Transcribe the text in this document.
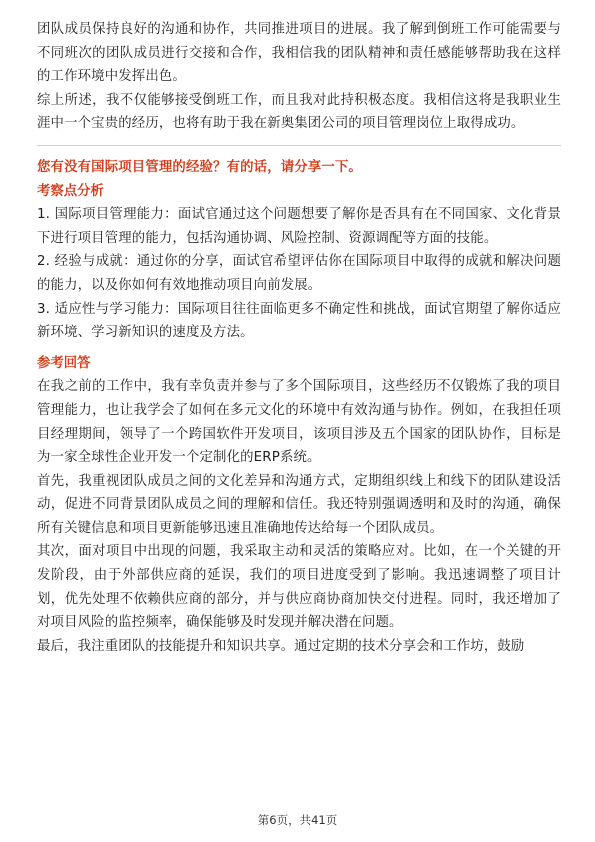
团队成员保持良好的沟通和协作，共同推进项目的进展。我了解到倒班工作可能需要与不同班次的团队成员进行交接和合作，我相信我的团队精神和责任感能够帮助我在这样的工作环境中发挥出色。

综上所述，我不仅能够接受倒班工作，而且我对此持积极态度。我相信这将是我职业生涯中一个宝贵的经历，也将有助于我在新奥集团公司的项目管理岗位上取得成功。

您有没有国际项目管理的经验？有的话，请分享一下。
考察点分析

1. 国际项目管理能力：面试官通过这个问题想要了解你是否具有在不同国家、文化背景下进行项目管理的能力，包括沟通协调、风险控制、资源调配等方面的技能。

2. 经验与成就：通过你的分享，面试官希望评估你在国际项目中取得的成就和解决问题的能力，以及你如何有效地推动项目向前发展。

3. 适应性与学习能力：国际项目往往面临更多不确定性和挑战，面试官期望了解你适应新环境、学习新知识的速度及方法。

参考回答

在我之前的工作中，我有幸负责并参与了多个国际项目，这些经历不仅锻炼了我的项目管理能力，也让我学会了如何在多元文化的环境中有效沟通与协作。例如，在我担任项目经理期间，领导了一个跨国软件开发项目，该项目涉及五个国家的团队协作，目标是为一家全球性企业开发一个定制化的ERP系统。

首先，我重视团队成员之间的文化差异和沟通方式，定期组织线上和线下的团队建设活动，促进不同背景团队成员之间的理解和信任。我还特别强调透明和及时的沟通，确保所有关键信息和项目更新能够迅速且准确地传达给每一个团队成员。

其次，面对项目中出现的问题，我采取主动和灵活的策略应对。比如，在一个关键的开发阶段，由于外部供应商的延误，我们的项目进度受到了影响。我迅速调整了项目计划，优先处理不依赖供应商的部分，并与供应商协商加快交付进程。同时，我还增加了对项目风险的监控频率，确保能够及时发现并解决潜在问题。

最后，我注重团队的技能提升和知识共享。通过定期的技术分享会和工作坊，鼓励

第6页，共41页
